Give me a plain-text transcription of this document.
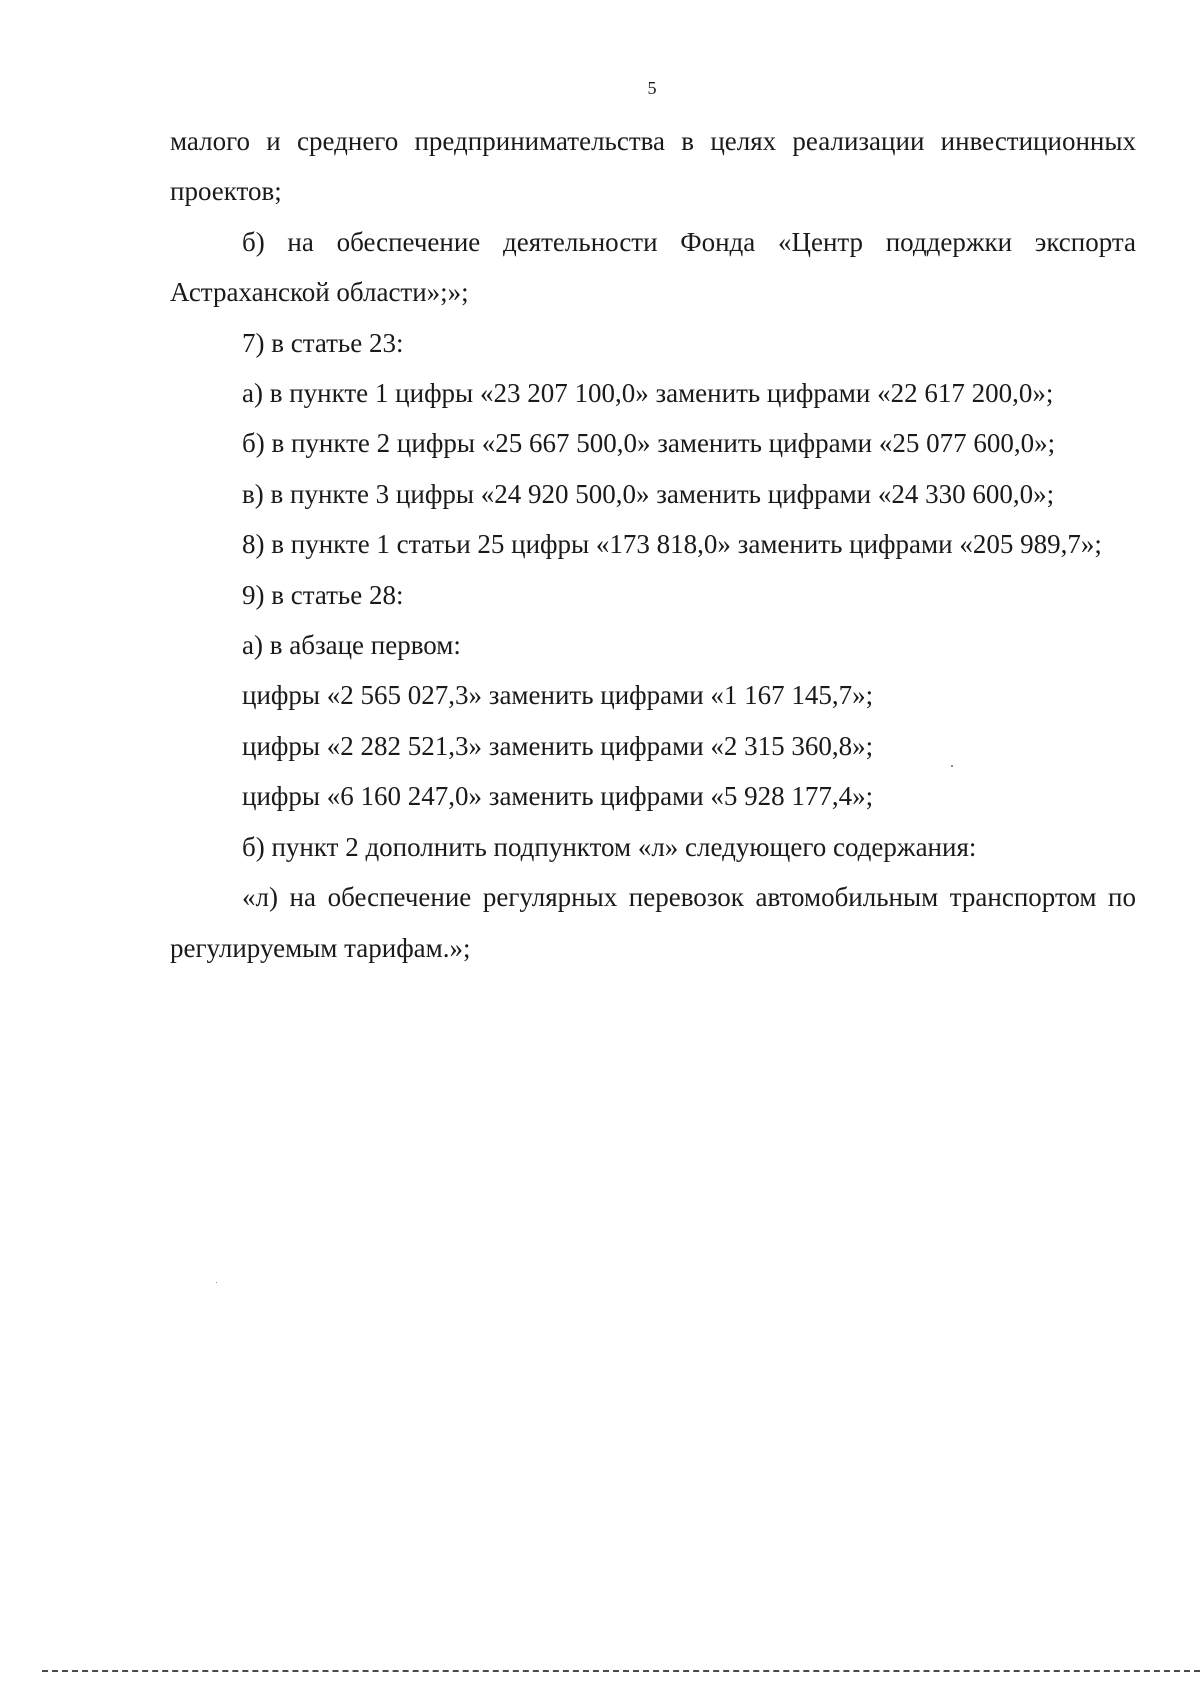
5

малого и среднего предпринимательства в целях реализации инвестиционных проектов;

б) на обеспечение деятельности Фонда «Центр поддержки экспорта Астраханской области»;»;

7) в статье 23:

а) в пункте 1 цифры «23 207 100,0» заменить цифрами «22 617 200,0»;

б) в пункте 2 цифры «25 667 500,0» заменить цифрами «25 077 600,0»;

в) в пункте 3 цифры «24 920 500,0» заменить цифрами «24 330 600,0»;

8) в пункте 1 статьи 25 цифры «173 818,0» заменить цифрами «205 989,7»;

9) в статье 28:

а) в абзаце первом:

цифры «2 565 027,3» заменить цифрами «1 167 145,7»;

цифры «2 282 521,3» заменить цифрами «2 315 360,8»;

цифры «6 160 247,0» заменить цифрами «5 928 177,4»;

б) пункт 2 дополнить подпунктом «л» следующего содержания:

«л) на обеспечение регулярных перевозок автомобильным транспортом по регулируемым тарифам.»;
